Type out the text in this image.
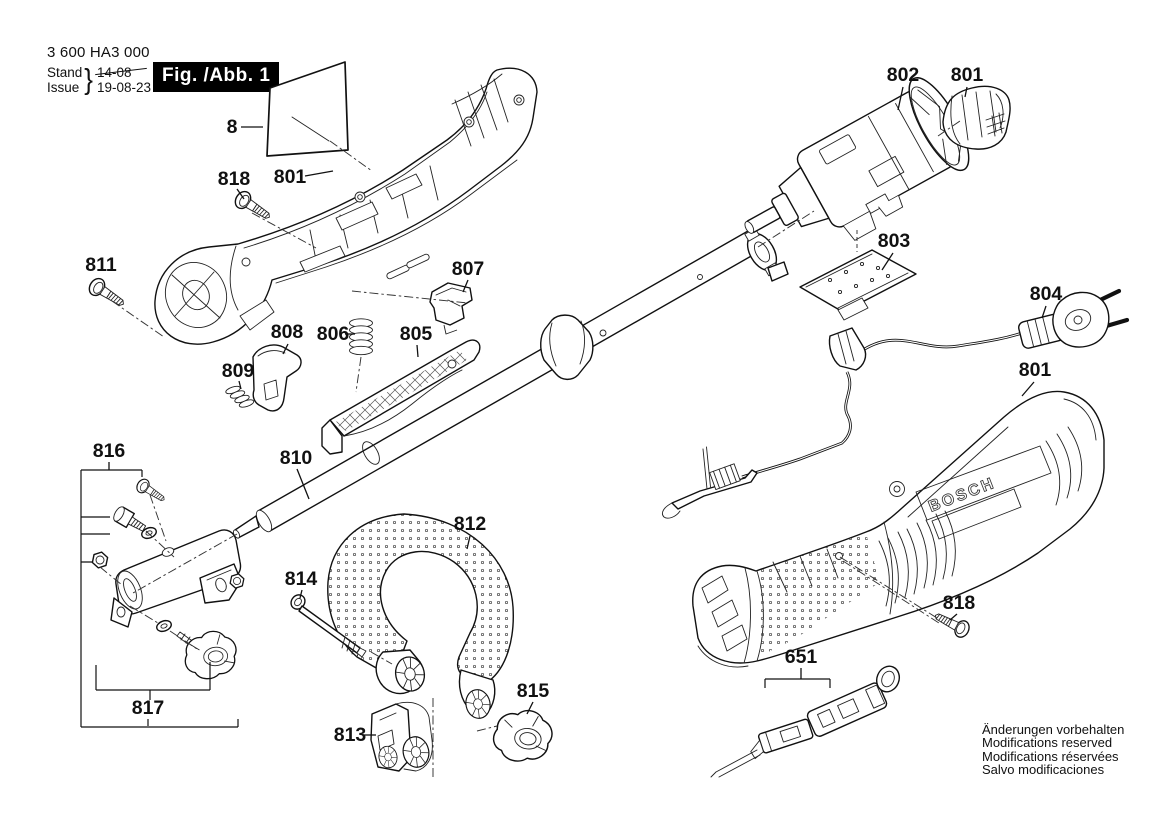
3 600 HA3 000
Stand
Issue } 14-08
19-08-23
Fig. /Abb. 1
BOSCH
8
818 801
811	807
808 806	805
809
810
816
814
812
815
813
817
802 801
803
804
801
818
651
Änderungen vorbehalten
Modifications reserved
Modifications réservées
Salvo modificaciones
